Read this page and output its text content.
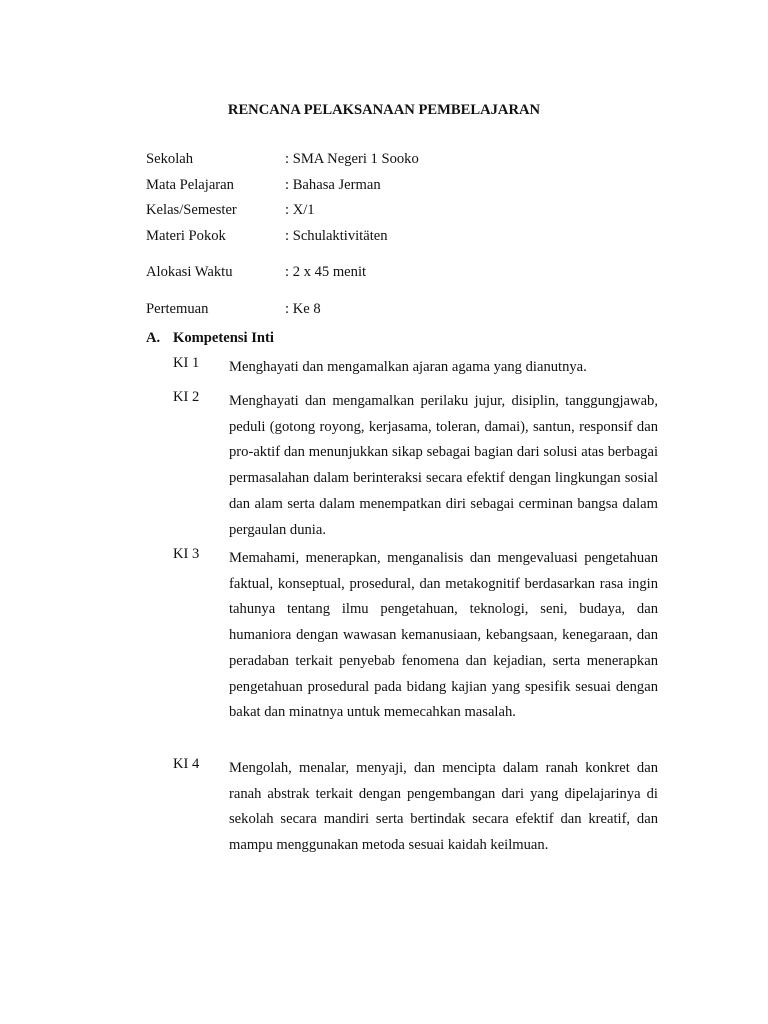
RENCANA PELAKSANAAN PEMBELAJARAN
Sekolah	: SMA Negeri 1 Sooko
Mata Pelajaran	: Bahasa Jerman
Kelas/Semester	: X/1
Materi Pokok	: Schulaktivitäten
Alokasi Waktu	: 2 x 45 menit
Pertemuan	: Ke 8
A. Kompetensi Inti
KI 1 Menghayati dan mengamalkan ajaran agama yang dianutnya.
KI 2 Menghayati dan mengamalkan perilaku jujur, disiplin, tanggungjawab, peduli (gotong royong, kerjasama, toleran, damai), santun, responsif dan pro-aktif dan menunjukkan sikap sebagai bagian dari solusi atas berbagai permasalahan dalam berinteraksi secara efektif dengan lingkungan sosial dan alam serta dalam menempatkan diri sebagai cerminan bangsa dalam pergaulan dunia.
KI 3 Memahami, menerapkan, menganalisis dan mengevaluasi pengetahuan faktual, konseptual, prosedural, dan metakognitif berdasarkan rasa ingin tahunya tentang ilmu pengetahuan, teknologi, seni, budaya, dan humaniora dengan wawasan kemanusiaan, kebangsaan, kenegaraan, dan peradaban terkait penyebab fenomena dan kejadian, serta menerapkan pengetahuan prosedural pada bidang kajian yang spesifik sesuai dengan bakat dan minatnya untuk memecahkan masalah.
KI 4 Mengolah, menalar, menyaji, dan mencipta dalam ranah konkret dan ranah abstrak terkait dengan pengembangan dari yang dipelajarinya di sekolah secara mandiri serta bertindak secara efektif dan kreatif, dan mampu menggunakan metoda sesuai kaidah keilmuan.
